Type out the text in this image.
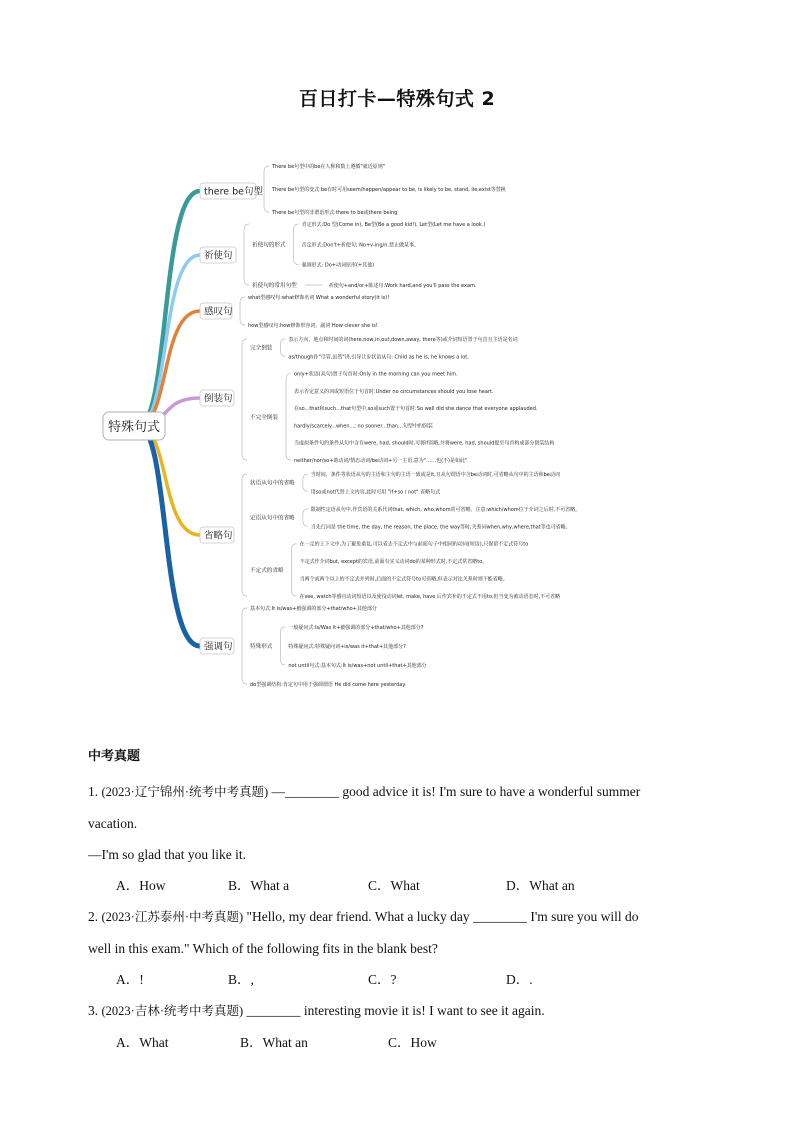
百日打卡—特殊句式 2
特殊句式
there be句型
There be句型中的be在人称和数上遵循"就近原则"
There be句型的变式:be有时可用seem/happen/appear to be, is likely to be, stand, lie,exist等替换
There be句型的非谓语形式:there to be或there being
祈使句
祈使句的形式
肯定形式:Do 型(Come in), Be型(Be a good kid!), Let型(Let me have a look.)
否定形式:Don't+祈使句; No+v-ing/n.禁止做某事。
强调形式: Do+动词原形(+其他)
祈使句的常用句型	祈使句+and/or+陈述句:Work hard,and you'll pass the exam.
感叹句
what型感叹句:what修饰名词 What a wonderful story(it is)!
how型感叹句:how修饰形容词、副词 How clever she is!
倒装句
完全倒装
表示方向、地点和时间的词(here,now,in,out,down,away, there等)或介词短语置于句首且主语是名词
as/though作"尽管,虽然"讲,引导让步状语从句: Child as he is, he knows a lot.
不完全倒装
only+状语(从句)置于句首时:Only in the morning can you meet him.
表示否定意义的词或短语位于句首时:Under no circumstances should you lose heart.
在so...that和such...that句型中,so或such置于句首时:So well did she dance that everyone applauded.
hardly/scarcely...when...; no sooner...than...句型中的倒装
当虚拟条件句的条件从句中含有were, had, should时,可将if省略,并将were, had, should提至句首构成部分倒装结构
neither/nor/so+助动词/情态动词/be动词+另一主语,意为"……也(不)是如此"
省略句
状语从句中的省略
当时间、条件等状语从句的主语和主句的主语一致或是it,且从句谓语中含be动词时,可省略从句中的主语和be动词
用so或not代替上文内容,此时可用 "if+so / not" 省略句式
定语从句中的省略
限制性定语从句中,作宾语的关系代词that, which, who,whom常可省略。注意:which/whom位于介词之后时,不可省略。
当先行词是 the time, the day, the reason, the place, the way等时,关系词when,why,where,that等也可省略。
不定式的省略
在一定的上下文中,为了避免重复,可以省去不定式中与前面句子中相同的动词(短语),只保留不定式符号to
不定式作介词but, except的宾语,前面有实义动词do的某种形式时,不定式常省略to。
当两个或两个以上的不定式并列时,后面的不定式符号to可省略,但表示对比关系时则不能省略。
在see, watch等感官动词短语以及使役动词let, make, have 后作宾补的不定式不用to,但当变为被动语态时,不可省略
强调句
基本句式:It is/was+被强调的部分+that/who+其他部分
特殊形式
一般疑问式:Is/Was it+被强调的部分+that/who+其他部分?
特殊疑问式:特殊疑问词+is/was it+that+其他部分?
not until句式:基本句式:It is/was+not until+that+其他部分
do型强调结构:肯定句中用于强调谓语 He did come here yesterday.
中考真题
1. (2023·辽宁锦州·统考中考真题) —________ good advice it is! I'm sure to have a wonderful summer
vacation.
—I'm so glad that you like it.
A．How	B．What a	C．What	D．What an
2. (2023·江苏泰州·中考真题) "Hello, my dear friend. What a lucky day ________ I'm sure you will do
well in this exam." Which of the following fits in the blank best?
A．!	B．,	C．?	D．.
3. (2023·吉林·统考中考真题) ________ interesting movie it is! I want to see it again.
A．What	B．What an	C．How
